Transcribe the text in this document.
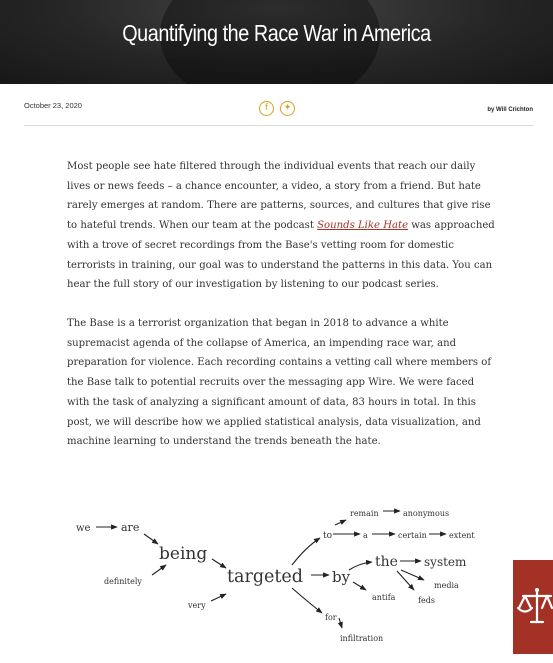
Quantifying the Race War in America
October 23, 2020	f	✦	by Will Crichton
Most people see hate filtered through the individual events that reach our daily lives or news feeds – a chance encounter, a video, a story from a friend. But hate rarely emerges at random. There are patterns, sources, and cultures that give rise to hateful trends. When our team at the podcast Sounds Like Hate was approached with a trove of secret recordings from the Base's vetting room for domestic terrorists in training, our goal was to understand the patterns in this data. You can hear the full story of our investigation by listening to our podcast series.
The Base is a terrorist organization that began in 2018 to advance a white supremacist agenda of the collapse of America, an impending race war, and preparation for violence. Each recording contains a vetting call where members of the Base talk to potential recruits over the messaging app Wire. We were faced with the task of analyzing a significant amount of data, 83 hours in total. In this post, we will describe how we applied statistical analysis, data visualization, and machine learning to understand the trends beneath the hate.
we	are
being
definitely
very
targeted by
to
remain	anonymous
a	certain	extent
the system
media
antifa	feds
for
infiltration
